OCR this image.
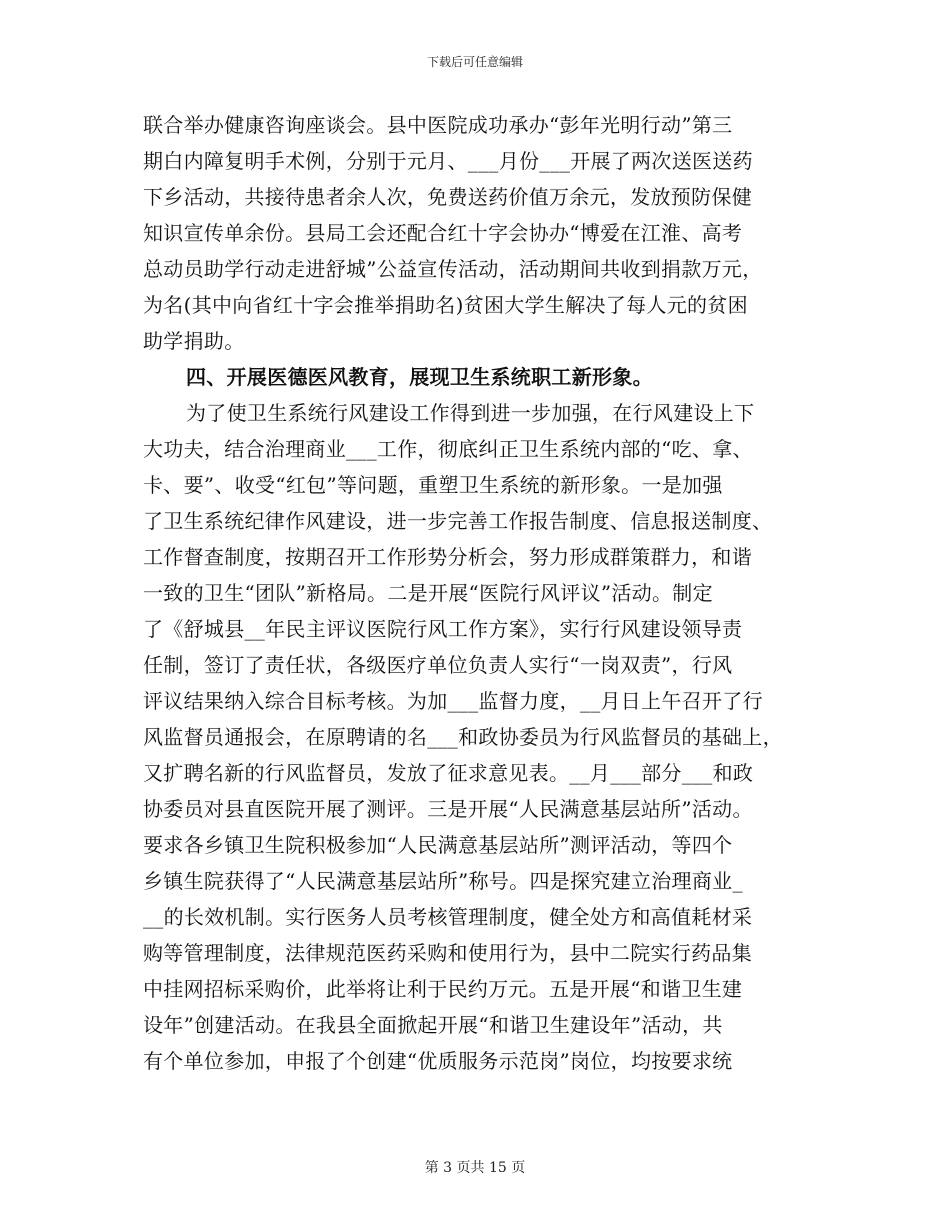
下载后可任意编辑
联合举办健康咨询座谈会。县中医院成功承办“彭年光明行动”第三
期白内障复明手术例，分别于元月、___月份___开展了两次送医送药
下乡活动，共接待患者余人次，免费送药价值万余元，发放预防保健
知识宣传单余份。县局工会还配合红十字会协办“博爱在江淮、高考
总动员助学行动走进舒城”公益宣传活动，活动期间共收到捐款万元，
为名(其中向省红十字会推举捐助名)贫困大学生解决了每人元的贫困
助学捐助。
四、开展医德医风教育，展现卫生系统职工新形象。
为了使卫生系统行风建设工作得到进一步加强，在行风建设上下
大功夫，结合治理商业___工作，彻底纠正卫生系统内部的“吃、拿、
卡、要”、收受“红包”等问题，重塑卫生系统的新形象。一是加强
了卫生系统纪律作风建设，进一步完善工作报告制度、信息报送制度、
工作督查制度，按期召开工作形势分析会，努力形成群策群力，和谐
一致的卫生“团队”新格局。二是开展“医院行风评议”活动。制定
了《舒城县__年民主评议医院行风工作方案》，实行行风建设领导责
任制，签订了责任状，各级医疗单位负责人实行“一岗双责”，行风
评议结果纳入综合目标考核。为加___监督力度，__月日上午召开了行
风监督员通报会，在原聘请的名___和政协委员为行风监督员的基础上，
又扩聘名新的行风监督员，发放了征求意见表。__月___部分___和政
协委员对县直医院开展了测评。三是开展“人民满意基层站所”活动。
要求各乡镇卫生院积极参加“人民满意基层站所”测评活动，等四个
乡镇生院获得了“人民满意基层站所”称号。四是探究建立治理商业_
__的长效机制。实行医务人员考核管理制度，健全处方和高值耗材采
购等管理制度，法律规范医药采购和使用行为，县中二院实行药品集
中挂网招标采购价，此举将让利于民约万元。五是开展“和谐卫生建
设年”创建活动。在我县全面掀起开展“和谐卫生建设年”活动，共
有个单位参加，申报了个创建“优质服务示范岗”岗位，均按要求统
第 3 页共 15 页
